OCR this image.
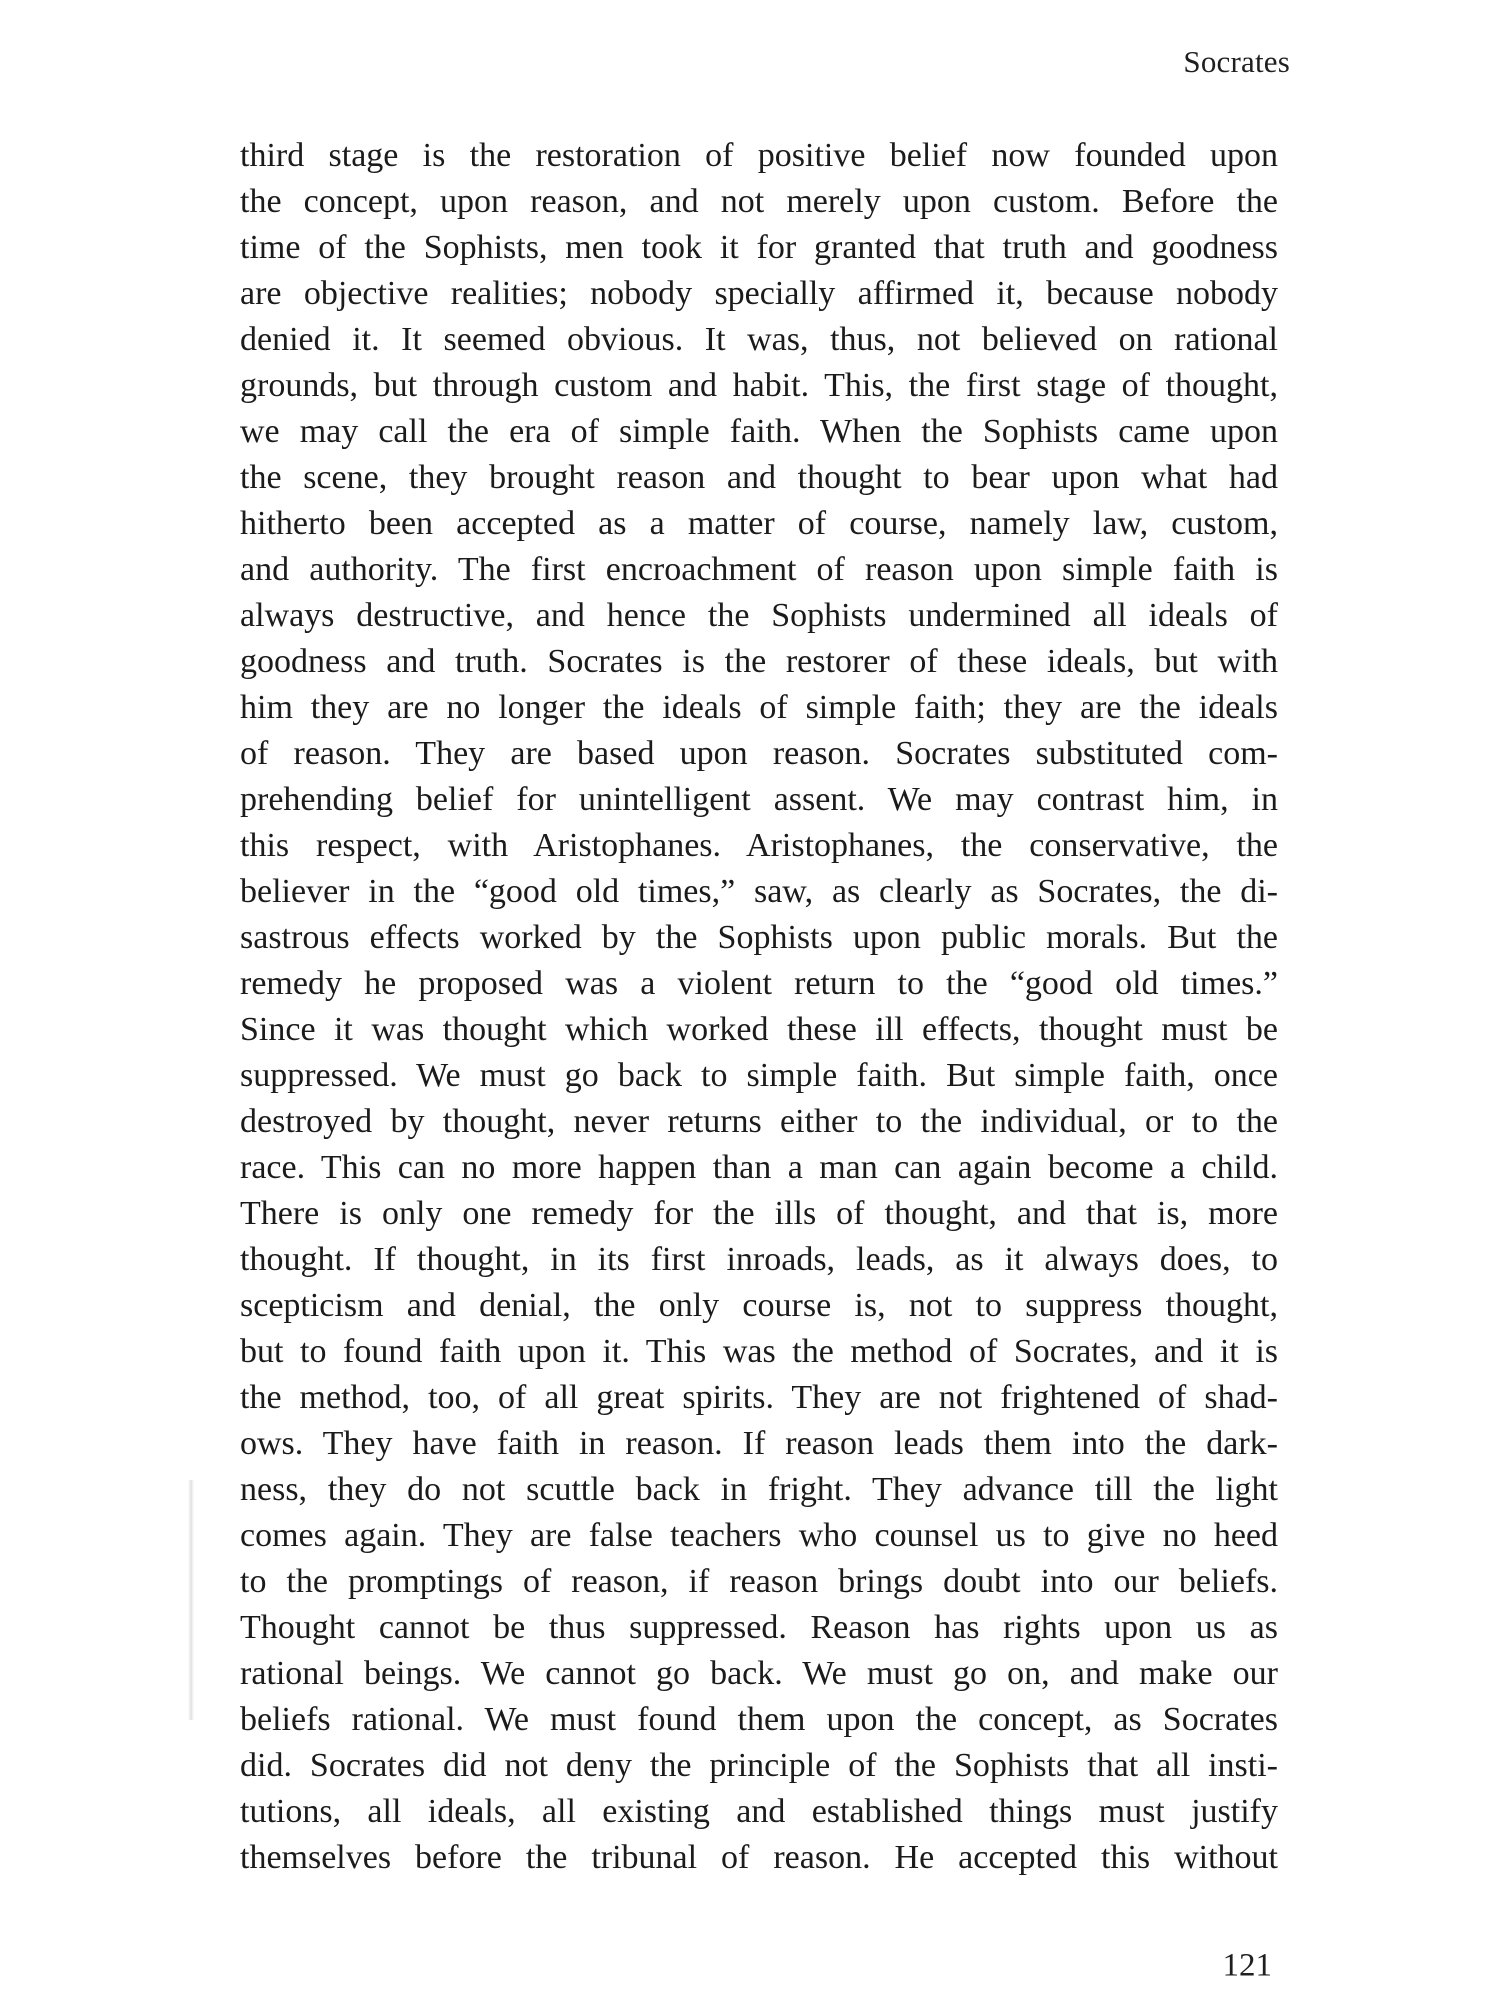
Socrates
third stage is the restoration of positive belief now founded upon
the concept, upon reason, and not merely upon custom. Before the
time of the Sophists, men took it for granted that truth and goodness
are objective realities; nobody specially affirmed it, because nobody
denied it. It seemed obvious. It was, thus, not believed on rational
grounds, but through custom and habit. This, the first stage of thought,
we may call the era of simple faith. When the Sophists came upon
the scene, they brought reason and thought to bear upon what had
hitherto been accepted as a matter of course, namely law, custom,
and authority. The first encroachment of reason upon simple faith is
always destructive, and hence the Sophists undermined all ideals of
goodness and truth. Socrates is the restorer of these ideals, but with
him they are no longer the ideals of simple faith; they are the ideals
of reason. They are based upon reason. Socrates substituted com-
prehending belief for unintelligent assent. We may contrast him, in
this respect, with Aristophanes. Aristophanes, the conservative, the
believer in the “good old times,” saw, as clearly as Socrates, the di-
sastrous effects worked by the Sophists upon public morals. But the
remedy he proposed was a violent return to the “good old times.”
Since it was thought which worked these ill effects, thought must be
suppressed. We must go back to simple faith. But simple faith, once
destroyed by thought, never returns either to the individual, or to the
race. This can no more happen than a man can again become a child.
There is only one remedy for the ills of thought, and that is, more
thought. If thought, in its first inroads, leads, as it always does, to
scepticism and denial, the only course is, not to suppress thought,
but to found faith upon it. This was the method of Socrates, and it is
the method, too, of all great spirits. They are not frightened of shad-
ows. They have faith in reason. If reason leads them into the dark-
ness, they do not scuttle back in fright. They advance till the light
comes again. They are false teachers who counsel us to give no heed
to the promptings of reason, if reason brings doubt into our beliefs.
Thought cannot be thus suppressed. Reason has rights upon us as
rational beings. We cannot go back. We must go on, and make our
beliefs rational. We must found them upon the concept, as Socrates
did. Socrates did not deny the principle of the Sophists that all insti-
tutions, all ideals, all existing and established things must justify
themselves before the tribunal of reason. He accepted this without
121
